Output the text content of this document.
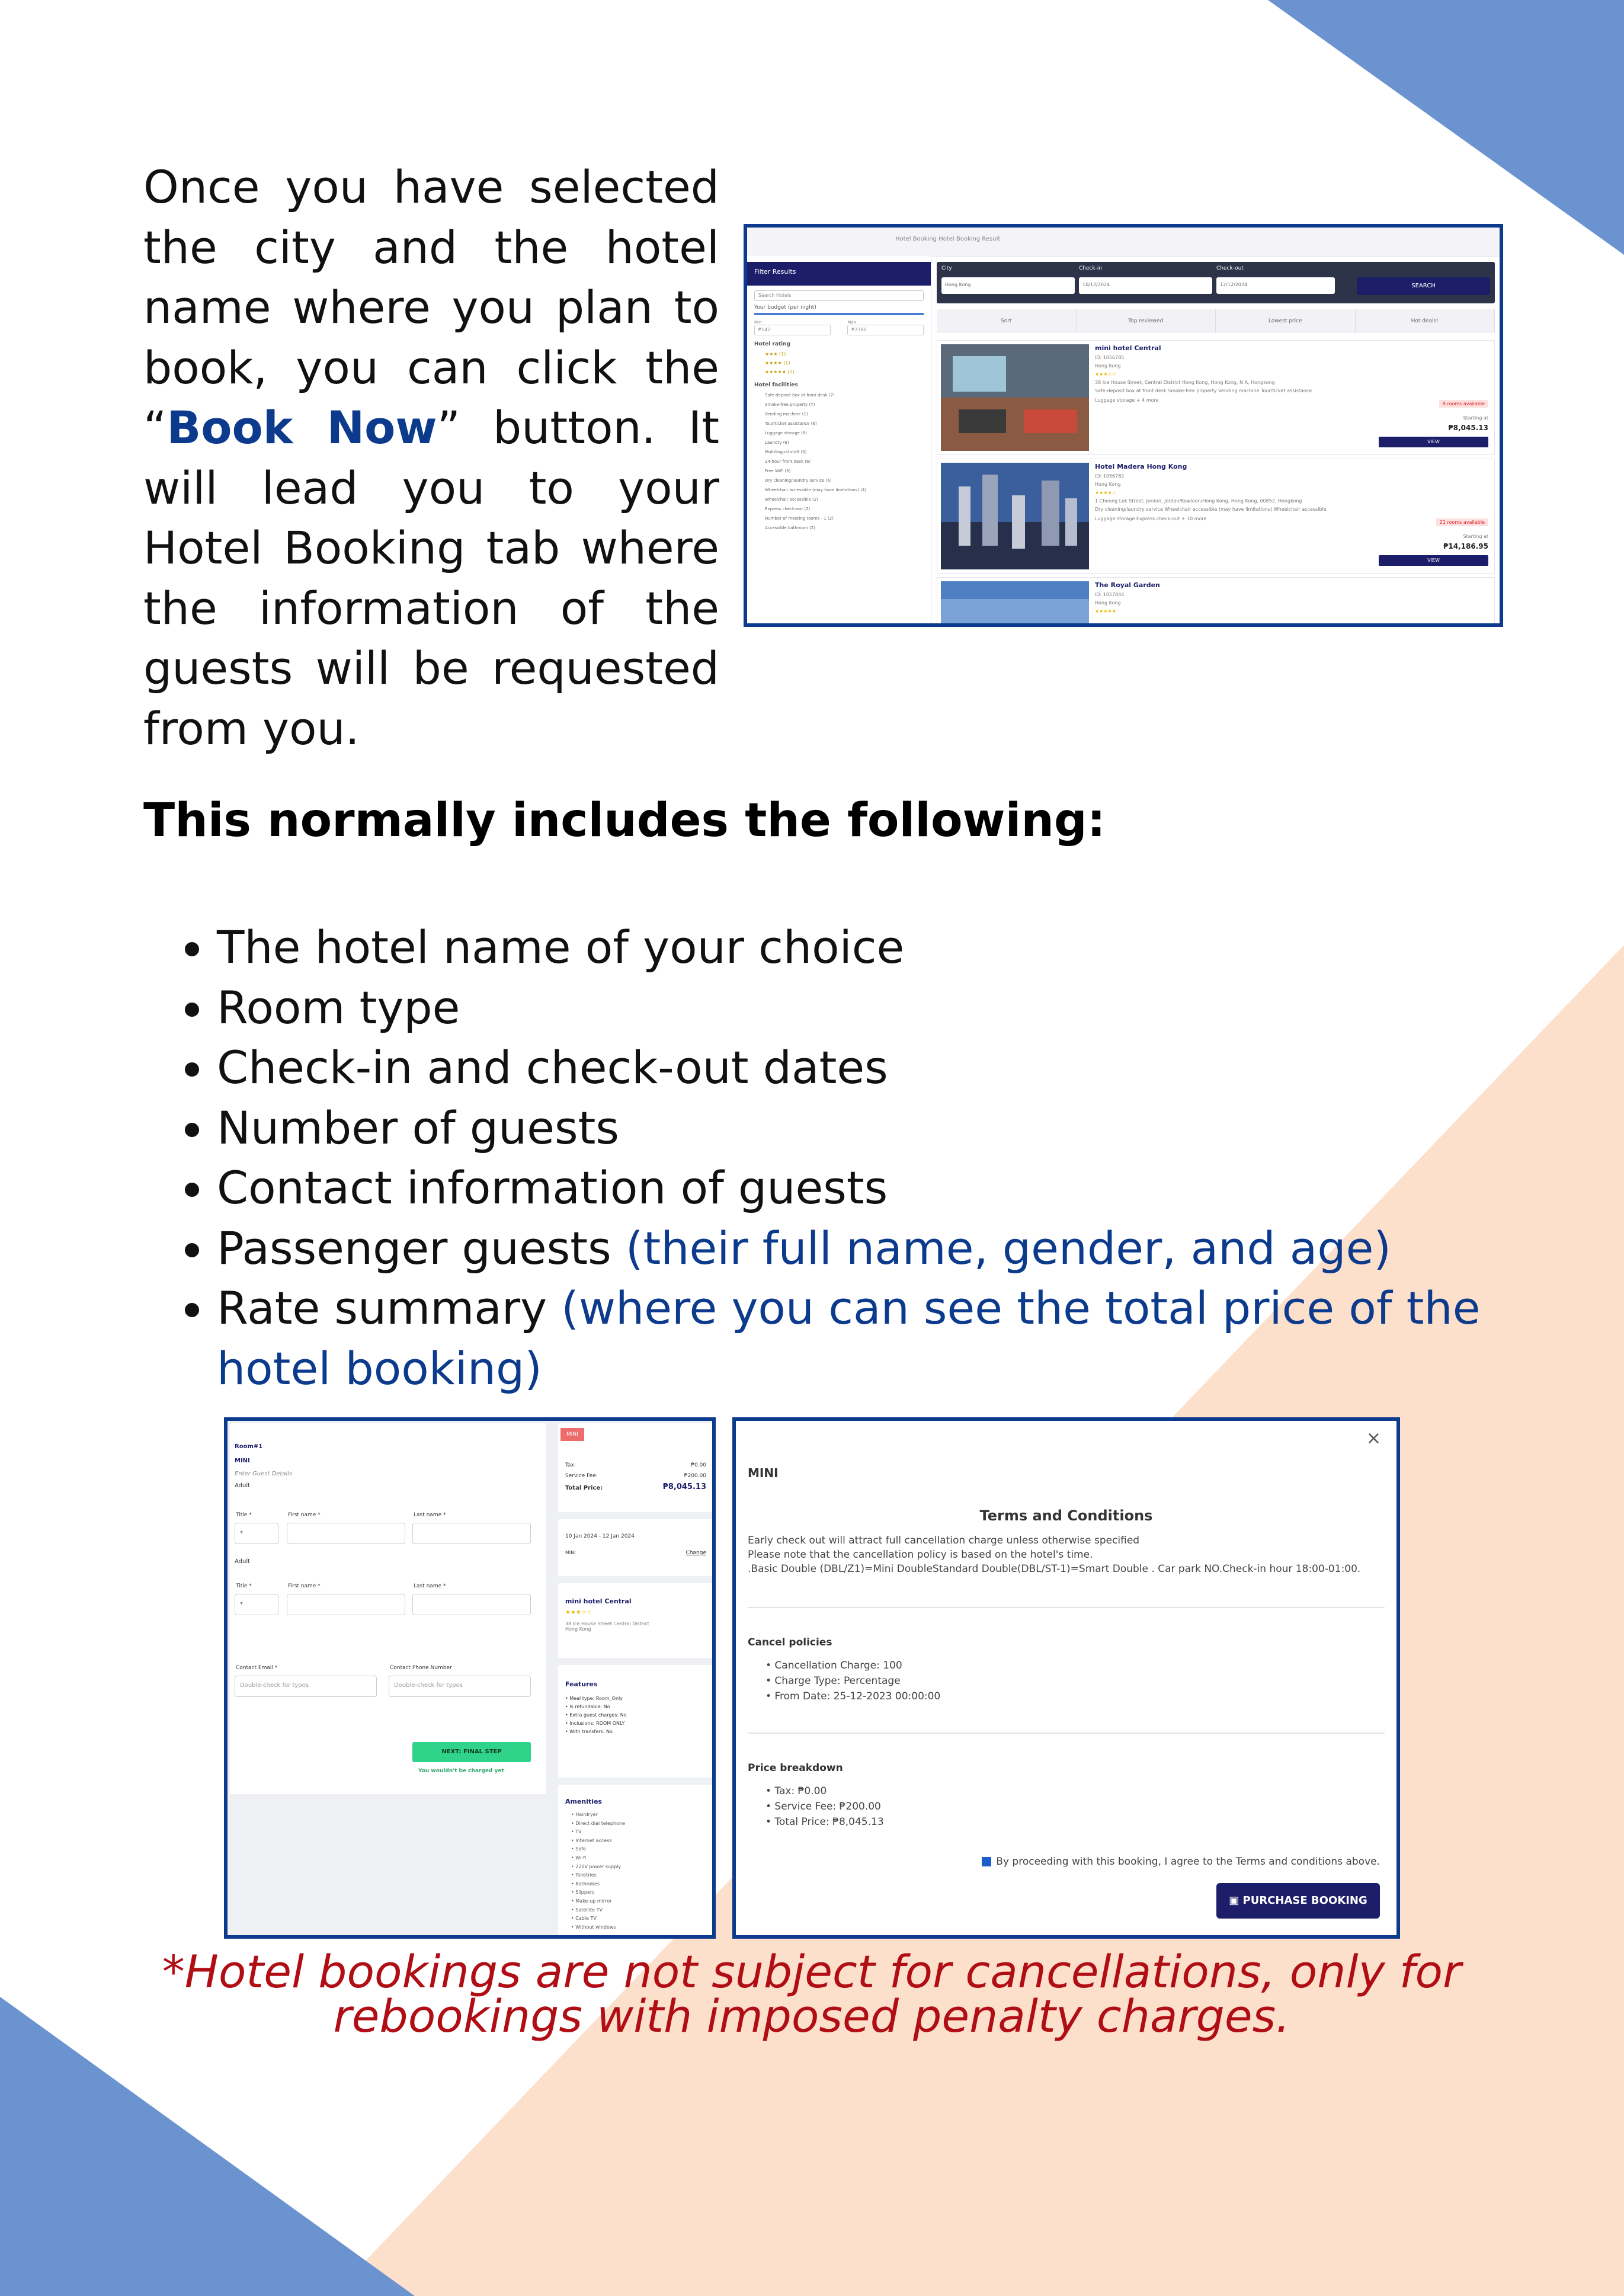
Once you have selected the city and the hotel name where you plan to book, you can click the “Book Now” button. It will lead you to your Hotel Booking tab where the information of the guests will be requested from you.
Hotel Booking Hotel Booking Result
Filter Results
Search Hotels
Your budget (per night)
Min
₱142
Max
₱7780
Hotel rating
★★★ (1)
★★★★ (1)
★★★★★ (2)
Hotel facilities
Safe-deposit box at front desk (7)
Smoke-free property (7)
Vending machine (1)
Tour/ticket assistance (6)
Luggage storage (6)
Laundry (6)
Multilingual staff (6)
24-hour front desk (6)
Free WiFi (6)
Dry cleaning/laundry service (6)
Wheelchair accessible (may have limitations) (4)
Wheelchair accessible (2)
Express check-out (2)
Number of meeting rooms - 1 (2)
Accessible bathroom (2)
City
Hong Kong
Check-in
10/12/2024
Check-out
12/12/2024	SEARCH
Sort	Top reviewed	Lowest price	Hot deals!
mini hotel Central
ID: 1056785
Hong Kong
★★★☆☆
38 Ice House Street, Central District Hong Kong, Hong Kong, N A, Hongkong
Safe-deposit box at front desk Smoke-free property Vending machine Tour/ticket assistance
Luggage storage + 4 more
8 rooms available
Starting at
₱8,045.13
VIEW
Hotel Madera Hong Kong
ID: 1056782
Hong Kong
★★★★☆
1 Cheong Lok Street, Jordan, Jordan/Kowloon/Hong Kong, Hong Kong, 00852, Hongkong
Dry cleaning/laundry service Wheelchair accessible (may have limitations) Wheelchair accessible
Luggage storage Express check-out + 10 more
21 rooms available
Starting at
₱14,186.95
VIEW
The Royal Garden
ID: 1057844
Hong Kong
★★★★★
This normally includes the following:
• The hotel name of your choice
• Room type
• Check-in and check-out dates
• Number of guests
• Contact information of guests
• Passenger guests (their full name, gender, and age)
• Rate summary (where you can see the total price of the hotel booking)
Room#1
MINI
Enter Guest Details
Adult
Title *	First name *	Last name *
▾
Adult
Title *	First name *	Last name *
▾
Contact Email *	Contact Phone Number
Double-check for typos	Double-check for typos
NEXT: FINAL STEP
You wouldn't be charged yet
MINI
Tax:	₱0.00
Service Fee:	₱200.00
Total Price:	₱8,045.13
10 Jan 2024 - 12 Jan 2024
MINI	Change
mini hotel Central
★★★☆☆
38 Ice House Street Central District Hong Kong
Features
• Meal type: Room_Only
• Is refundable: No
• Extra guest charges: No
• Inclusions: ROOM ONLY
• With transfers: No
Amenities
• Hairdryer
• Direct dial telephone
• TV
• Internet access
• Safe
• Wi-fi
• 220V power supply
• Toiletries
• Bathrobes
• Slippers
• Make-up mirror
• Satellite TV
• Cable TV
• Without windows
×
MINI
Terms and Conditions
Early check out will attract full cancellation charge unless otherwise specified
Please note that the cancellation policy is based on the hotel's time.
.Basic Double (DBL/Z1)=Mini DoubleStandard Double(DBL/ST-1)=Smart Double . Car park NO.Check-in hour 18:00-01:00.
Cancel policies
• Cancellation Charge: 100
• Charge Type: Percentage
• From Date: 25-12-2023 00:00:00
Price breakdown
• Tax: ₱0.00
• Service Fee: ₱200.00
• Total Price: ₱8,045.13
By proceeding with this booking, I agree to the Terms and conditions above.
▣ PURCHASE BOOKING
*Hotel bookings are not subject for cancellations, only for rebookings with imposed penalty charges.
